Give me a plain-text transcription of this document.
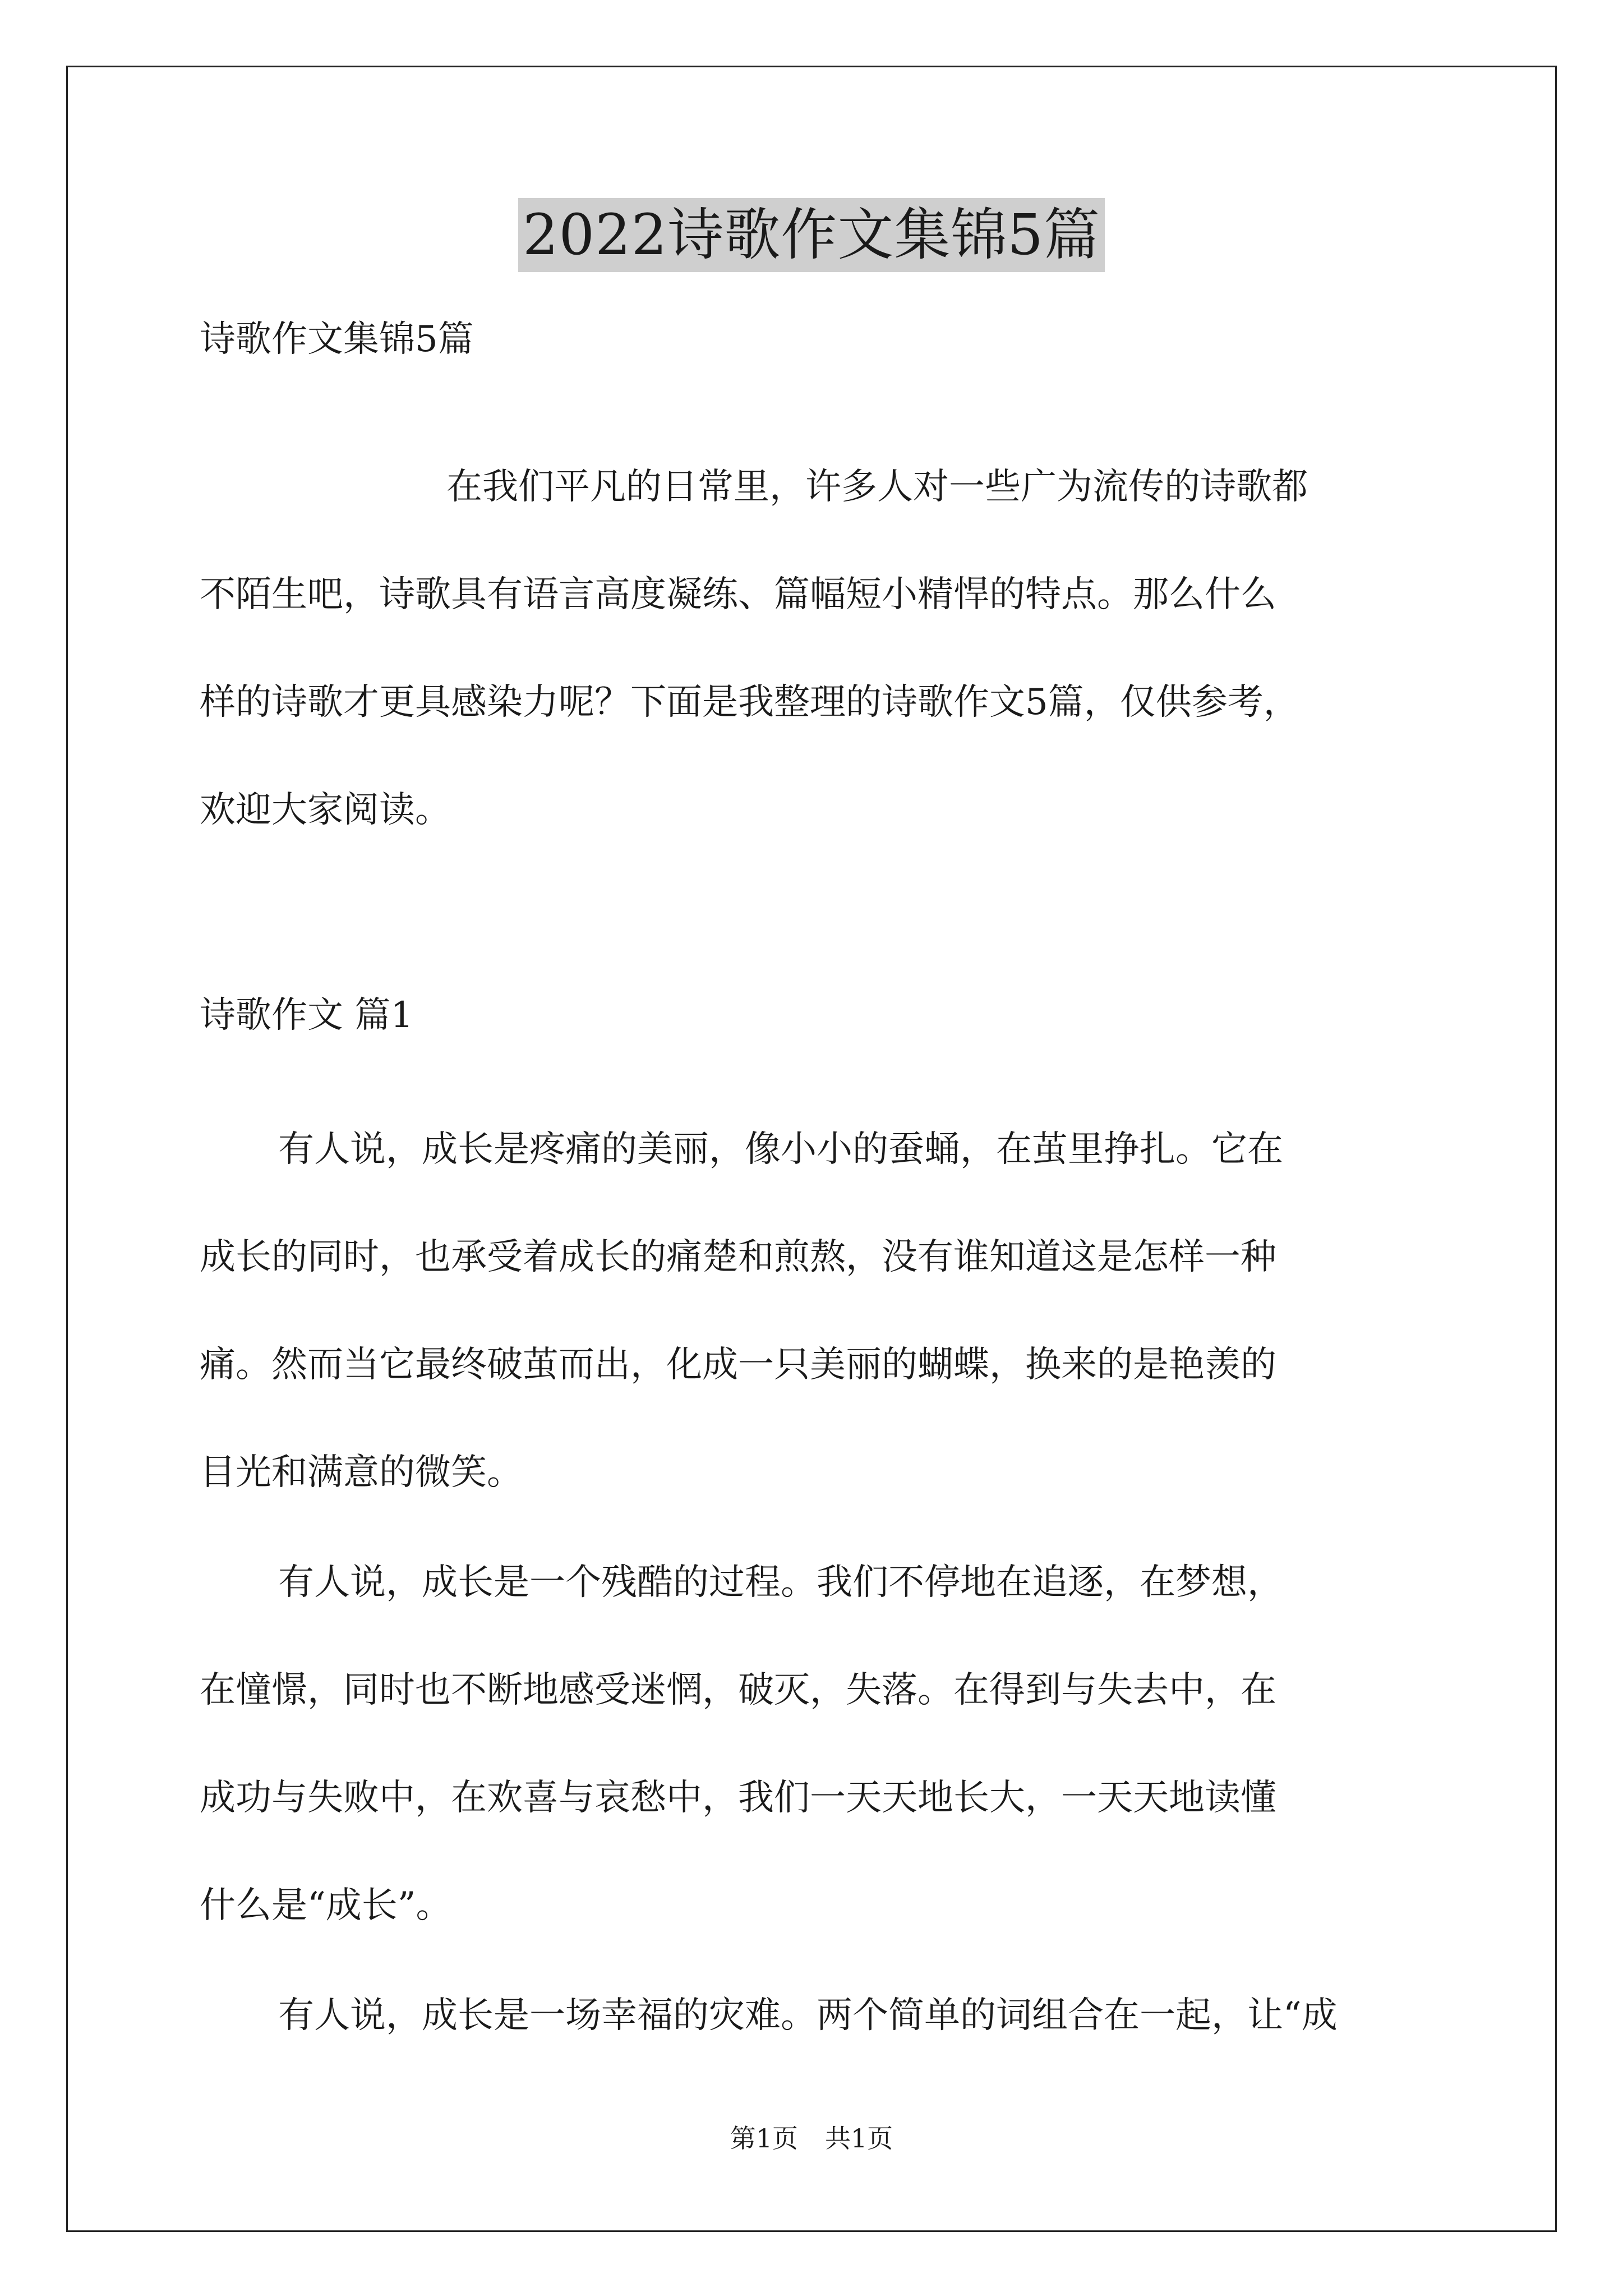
2022诗歌作文集锦5篇
诗歌作文集锦5篇
在我们平凡的日常里，许多人对一些广为流传的诗歌都
不陌生吧，诗歌具有语言高度凝练、篇幅短小精悍的特点。那么什么
样的诗歌才更具感染力呢？下面是我整理的诗歌作文5篇，仅供参考，
欢迎大家阅读。
诗歌作文 篇1
有人说，成长是疼痛的美丽，像小小的蚕蛹，在茧里挣扎。它在
成长的同时，也承受着成长的痛楚和煎熬，没有谁知道这是怎样一种
痛。然而当它最终破茧而出，化成一只美丽的蝴蝶，换来的是艳羡的
目光和满意的微笑。
有人说，成长是一个残酷的过程。我们不停地在追逐，在梦想，
在憧憬，同时也不断地感受迷惘，破灭，失落。在得到与失去中，在
成功与失败中，在欢喜与哀愁中，我们一天天地长大，一天天地读懂
什么是“成长”。
有人说，成长是一场幸福的灾难。两个简单的词组合在一起，让“成
第1页 共1页
